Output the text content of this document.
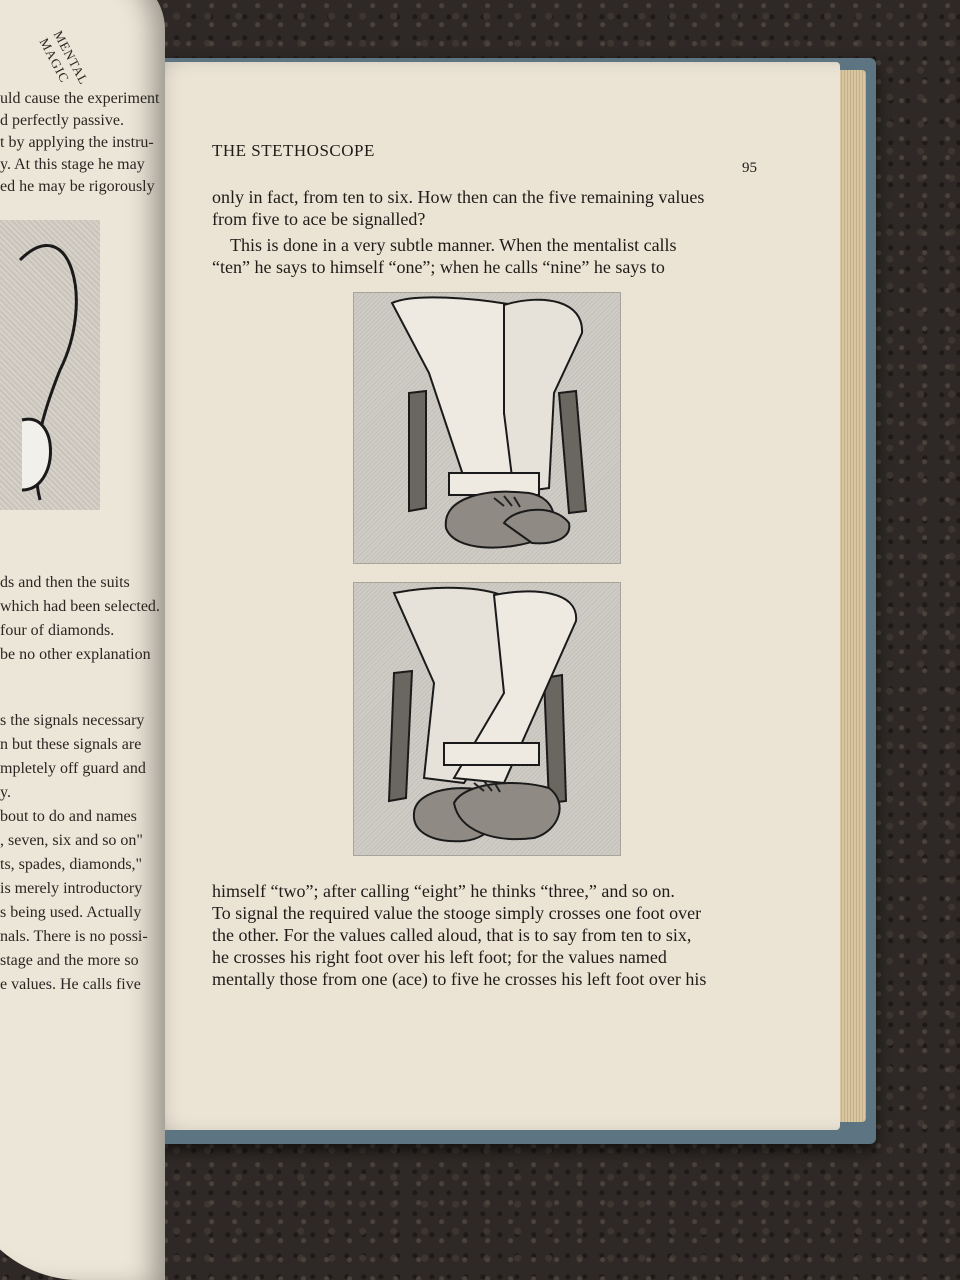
THE STETHOSCOPE
95
only in fact, from ten to six. How then can the five remaining values
from five to ace be signalled?
This is done in a very subtle manner. When the mentalist calls
“ten” he says to himself “one”; when he calls “nine” he says to
himself “two”; after calling “eight” he thinks “three,” and so on.
To signal the required value the stooge simply crosses one foot over
the other. For the values called aloud, that is to say from ten to six,
he crosses his right foot over his left foot; for the values named
mentally those from one (ace) to five he crosses his left foot over his
MENTAL MAGIC
uld cause the experiment
d perfectly passive.
t by applying the instru-
y. At this stage he may
ed he may be rigorously
ds and then the suits
which had been selected.
four of diamonds.
be no other explanation
s the signals necessary
n but these signals are
mpletely off guard and
y.
bout to do and names
, seven, six and so on"
ts, spades, diamonds,"
is merely introductory
s being used. Actually
nals. There is no possi-
stage and the more so
e values. He calls five
